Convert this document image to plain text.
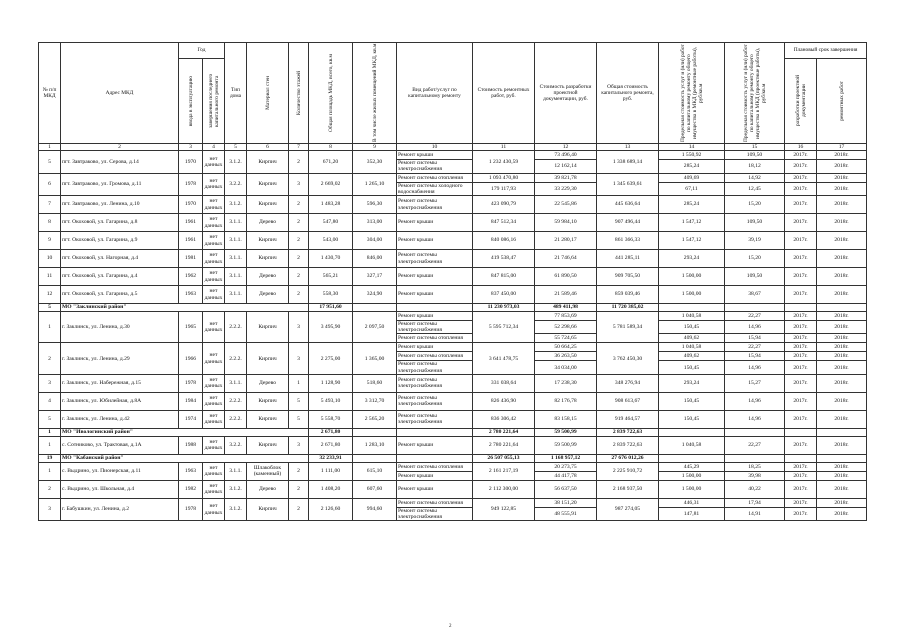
№ п/п МКД	Адрес МКД	Год		Тип дома	Материал стен	Количество этажей	Общая площадь МКД, всего, кв.м	В том числе жилых помещений МКД, кв.м	Вид работ/услуг по капитальному ремонту	Стоимость ремонтных работ, руб.	Стоимость разработки проектной документации, руб.	Общая стоимость капитального ремонта, руб.	Предельная стоимость услуг и (или) работ по капитальному ремонту общего имущества в МКД (ремонтные работы), руб/кв.м	Предельная стоимость услуг и (или) работ по капитальному ремонту общего имущества в МКД (проектные работы), руб/кв.м	Плановый срок завершения	

		ввода в эксплуатацию	завершения последнего капитального ремонта												разработки проектной документации	ремонтных работ

1	2	3	4	5	6	7	8	9	10	11	12	13	14	15	16	17
5	пгт. Завтраково, ул. Серова, д.14	1970	нет данных	3.1.2.	Кирпич	2	671,20	352,30	Ремонт крыши	1 232 430,59	73 496,40	1 338 689,14	1 550,92	109,50	2017г.	2018г.
									Ремонт системы электроснабжения		12 162,14		285,24	18,12	2017г.	2018г.
6	пгт. Завтраково, ул. Громова, д.11	1978	нет данных	3.2.2.	Кирпич	3	2 669,02	1 265,10	Ремонт системы отопления	1 093 470,80	39 821,78	1 345 639,61	409,69	14,92	2017г.	2018г.
									Ремонт системы холодного водоснабжения	179 117,93	33 229,30		67,11	12,45	2017г.	2018г.
7	пгт. Завтраково, ул. Ленина, д.10	1970	нет данных	3.1.2.	Кирпич	2	1 483,28	596,30	Ремонт системы электроснабжения	423 090,79	22 545,86	445 636,64	285,24	15,20	2017г.	2018г.
8	пгт. Окоховой, ул. Гагарина, д.8	1961	нет данных	3.1.1.	Дерево	2	547,80	313,00	Ремонт крыши	847 512,34	59 984,10	907 496,44	1 547,12	109,50	2017г.	2018г.
9	пгт. Окоховой, ул. Гагарина, д.9	1961	нет данных	3.1.1.	Кирпич	2	543,00	304,00	Ремонт крыши	840 086,16	21 280,17	861 366,33	1 547,12	39,19	2017г.	2018г.
10	пгт. Окоховой, ул. Нагорная, д.4	1981	нет данных	3.1.1.	Кирпич	2	1 430,70	846,00	Ремонт системы электроснабжения	419 538,47	21 746,64	441 285,11	293,24	15,20	2017г.	2018г.
11	пгт. Окоховой, ул. Гагарина, д.4	1962	нет данных	3.1.1.	Дерево	2	565,21	327,17	Ремонт крыши	847 815,00	61 890,50	909 705,50	1 500,00	109,50	2017г.	2018г.
12	пгт. Окоховой, ул. Гагарина, д.5	1963	нет данных	3.1.1.	Дерево	2	558,30	324,90	Ремонт крыши	837 450,00	21 589,46	859 039,46	1 500,00	38,67	2017г.	2018г.
5	МО "Заклинский район"						17 951,60			11 230 973,03	489 411,98	11 720 385,02				
1	г. Заклинск, ул. Ленина, д.30	1965	нет данных	2.2.2.	Кирпич	3	3 495,90	2 097,50	Ремонт крыши	5 595 712,34	77 853,69	5 781 589,34	1 040,58	22,27	2017г.	2018г.
									Ремонт системы электроснабжения		52 298,66		150,45	14,96	2017г.	2018г.
									Ремонт системы отопления		55 724,65		409,62	15,94	2017г.	2018г.
2	г. Заклинск, ул. Ленина, д.29	1966	нет данных	2.2.2.	Кирпич	3	2 275,00	1 365,00	Ремонт крыши	3 641 478,75	50 664,25	3 762 450,30	1 040,58	22,27	2017г.	2018г.
									Ремонт системы отопления		36 263,50		409,62	15,94	2017г.	2018г.
									Ремонт системы электроснабжения		34 034,00		150,45	14,96	2017г.	2018г.
3	г. Заклинск, ул. Набережная, д.15	1978	нет данных	3.1.1.	Дерево	1	1 128,90	518,60	Ремонт системы электроснабжения	331 038,64	17 238,30	348 276,94	293,24	15,27	2017г.	2018г.
4	г. Заклинск, ул. Юбилейная, д.8А	1984	нет данных	2.2.2.	Кирпич	5	5 493,10	3 312,70	Ремонт системы электроснабжения	826 436,90	82 176,78	908 613,67	150,45	14,96	2017г.	2018г.
5	г. Заклинск, ул. Ленина, д.42	1974	нет данных	2.2.2.	Кирпич	5	5 558,70	2 565,20	Ремонт системы электроснабжения	836 306,42	83 158,15	919 464,57	150,45	14,96	2017г.	2018г.
1	МО "Ивологинский район"						2 671,80			2 780 221,64	59 500,99	2 839 722,63				
1	с. Сотниково, ул. Трактовая, д.1А	1988	нет данных	3.2.2.	Кирпич	3	2 671,80	1 283,10	Ремонт крыши	2 780 221,64	59 500,99	2 839 722,63	1 040,58	22,27	2017г.	2018г.
19	МО "Кабанский район"						32 233,91			26 507 055,13	1 168 957,12	27 676 012,26				
1	с. Выдрино, ул. Пионерская, д.11	1963	нет данных	3.1.1.	Шлакоблок (каменный)	2	1 111,00	615,10	Ремонт системы отопления	2 161 217,19	20 273,75	2 225 910,72	445,29	18,25	2017г.	2018г.
									Ремонт крыши		44 417,78		1 500,00	39,98	2017г.	2018г.
2	с. Выдрино, ул. Школьная, д.4	1982	нет данных	3.1.2.	Дерево	2	1 408,20	607,60	Ремонт крыши	2 112 300,00	56 637,50	2 168 937,50	1 500,00	40,22	2017г.	2018г.
3	г. Бабушкин, ул. Ленина, д.2	1978	нет данных	3.1.2.	Кирпич	2	2 126,60	994,60	Ремонт системы отопления	949 122,85	38 151,20	987 274,05	446,31	17,94	2017г.	2018г.
									Ремонт системы электроснабжения		48 555,91		147,81	14,91	2017г.	2018г.
2
